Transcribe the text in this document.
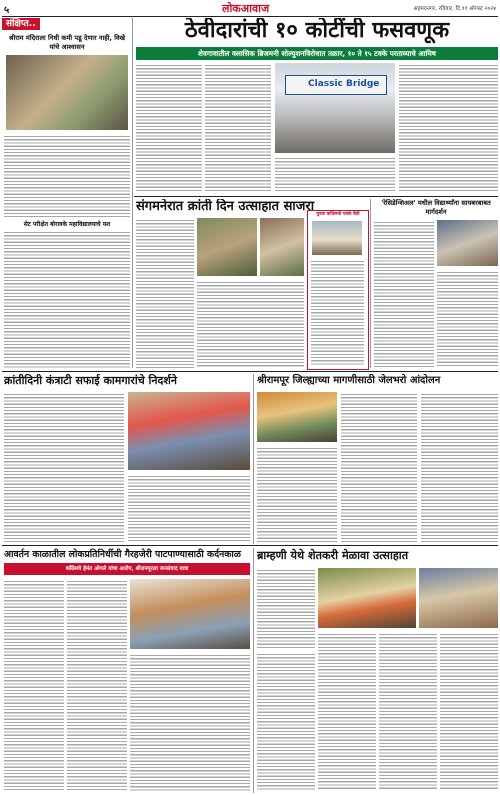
५	लोकआवाज	अहमदनगर, रविवार, दि.११ ऑगस्ट २०२४
संक्षिप्त..
श्रीराम मंदिराला निधी कमी पडू देणार नाही, विखे यांचे आश्वासन
सेट परीक्षेत बोरावके महाविद्यालयाचे यश
ठेवीदारांची १० कोटींची फसवणूक
शेवगावातील क्लासिक ब्रिजमनी सोल्युशनविरोधात तक्रार, १० ते १५ टक्के परताव्याचे आमिष
Classic Bridge
संगमनेरात क्रांती दिन उत्साहात साजरा
युवक काँग्रेसची पत्रके बैठी
'रेसिडेन्शिअल' मधील विद्यार्थ्यांना सायबरबाबत मार्गदर्शन
क्रांतीदिनी कंत्राटी सफाई कामगारांचे निदर्शने	श्रीरामपूर जिल्ह्याच्या मागणीसाठी जेलभरो आंदोलन
आवर्तन काळातील लोकप्रतिनिधींची गैरहजेरी पाटपाण्यासाठी कर्दनकाळ
कॉंग्रेसचे हेमंत ओगले यांचा आरोप, श्रीरामपूरला जनसंवाद यात्रा
ब्राम्हणी येथे शेतकरी मेळावा उत्साहात
